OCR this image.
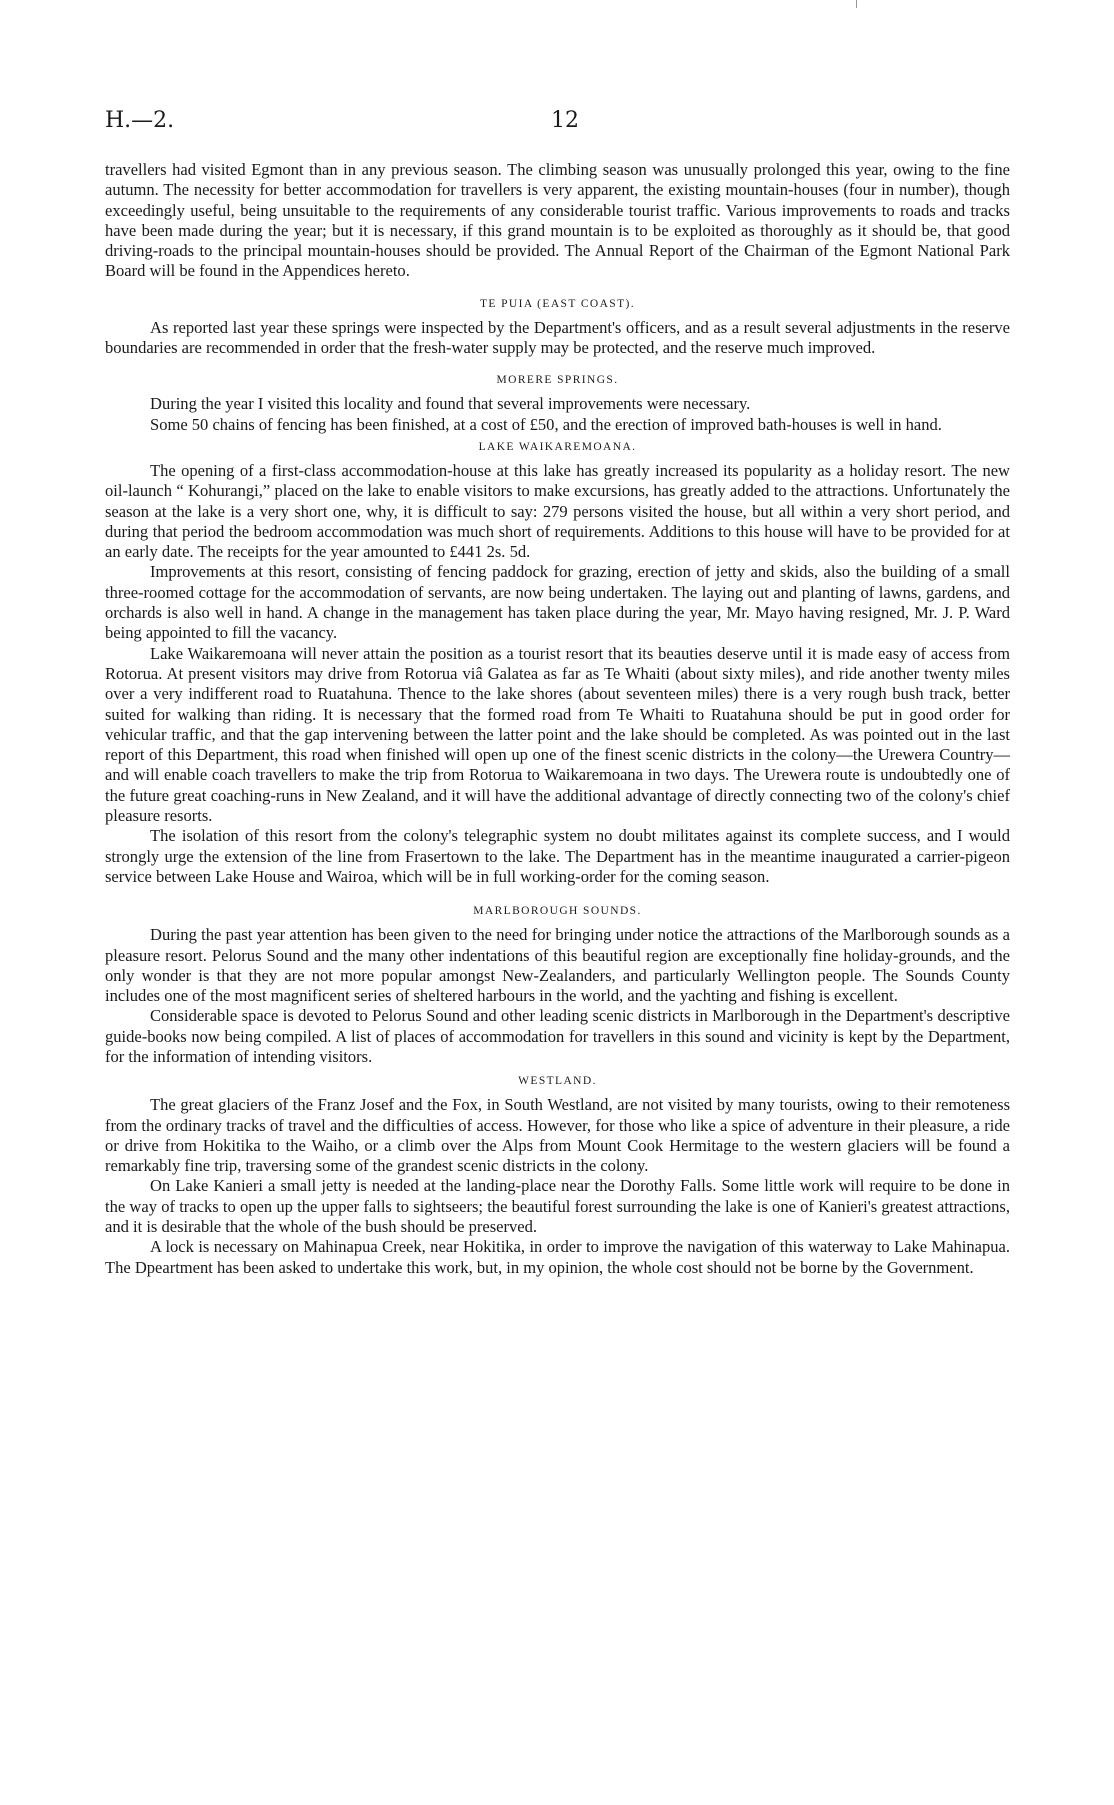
H.—2.	12

travellers had visited Egmont than in any previous season. The climbing season was unusually prolonged this year, owing to the fine autumn. The necessity for better accommodation for travellers is very apparent, the existing mountain-houses (four in number), though exceedingly useful, being unsuitable to the requirements of any considerable tourist traffic. Various improvements to roads and tracks have been made during the year; but it is necessary, if this grand mountain is to be exploited as thoroughly as it should be, that good driving-roads to the principal mountain-houses should be provided. The Annual Report of the Chairman of the Egmont National Park Board will be found in the Appendices hereto.

TE PUIA (EAST COAST).

As reported last year these springs were inspected by the Department's officers, and as a result several adjustments in the reserve boundaries are recommended in order that the fresh-water supply may be protected, and the reserve much improved.

MORERE SPRINGS.

During the year I visited this locality and found that several improvements were necessary.

Some 50 chains of fencing has been finished, at a cost of £50, and the erection of improved bath-houses is well in hand.

LAKE WAIKAREMOANA.

The opening of a first-class accommodation-house at this lake has greatly increased its popularity as a holiday resort. The new oil-launch “ Kohurangi,” placed on the lake to enable visitors to make excursions, has greatly added to the attractions. Unfortunately the season at the lake is a very short one, why, it is difficult to say: 279 persons visited the house, but all within a very short period, and during that period the bedroom accommodation was much short of requirements. Additions to this house will have to be provided for at an early date. The receipts for the year amounted to £441 2s. 5d.

Improvements at this resort, consisting of fencing paddock for grazing, erection of jetty and skids, also the building of a small three-roomed cottage for the accommodation of servants, are now being undertaken. The laying out and planting of lawns, gardens, and orchards is also well in hand. A change in the management has taken place during the year, Mr. Mayo having resigned, Mr. J. P. Ward being appointed to fill the vacancy.

Lake Waikaremoana will never attain the position as a tourist resort that its beauties deserve until it is made easy of access from Rotorua. At present visitors may drive from Rotorua viâ Galatea as far as Te Whaiti (about sixty miles), and ride another twenty miles over a very indifferent road to Ruatahuna. Thence to the lake shores (about seventeen miles) there is a very rough bush track, better suited for walking than riding. It is necessary that the formed road from Te Whaiti to Ruatahuna should be put in good order for vehicular traffic, and that the gap intervening between the latter point and the lake should be completed. As was pointed out in the last report of this Department, this road when finished will open up one of the finest scenic districts in the colony—the Urewera Country—and will enable coach travellers to make the trip from Rotorua to Waikaremoana in two days. The Urewera route is undoubtedly one of the future great coaching-runs in New Zealand, and it will have the additional advantage of directly connecting two of the colony's chief pleasure resorts.

The isolation of this resort from the colony's telegraphic system no doubt militates against its complete success, and I would strongly urge the extension of the line from Frasertown to the lake. The Department has in the meantime inaugurated a carrier-pigeon service between Lake House and Wairoa, which will be in full working-order for the coming season.

MARLBOROUGH SOUNDS.

During the past year attention has been given to the need for bringing under notice the attractions of the Marlborough sounds as a pleasure resort. Pelorus Sound and the many other indentations of this beautiful region are exceptionally fine holiday-grounds, and the only wonder is that they are not more popular amongst New-Zealanders, and particularly Wellington people. The Sounds County includes one of the most magnificent series of sheltered harbours in the world, and the yachting and fishing is excellent.

Considerable space is devoted to Pelorus Sound and other leading scenic districts in Marlborough in the Department's descriptive guide-books now being compiled. A list of places of accommodation for travellers in this sound and vicinity is kept by the Department, for the information of intending visitors.

WESTLAND.

The great glaciers of the Franz Josef and the Fox, in South Westland, are not visited by many tourists, owing to their remoteness from the ordinary tracks of travel and the difficulties of access. However, for those who like a spice of adventure in their pleasure, a ride or drive from Hokitika to the Waiho, or a climb over the Alps from Mount Cook Hermitage to the western glaciers will be found a remarkably fine trip, traversing some of the grandest scenic districts in the colony.

On Lake Kanieri a small jetty is needed at the landing-place near the Dorothy Falls. Some little work will require to be done in the way of tracks to open up the upper falls to sightseers; the beautiful forest surrounding the lake is one of Kanieri's greatest attractions, and it is desirable that the whole of the bush should be preserved.

A lock is necessary on Mahinapua Creek, near Hokitika, in order to improve the navigation of this waterway to Lake Mahinapua. The Dpeartment has been asked to undertake this work, but, in my opinion, the whole cost should not be borne by the Government.
